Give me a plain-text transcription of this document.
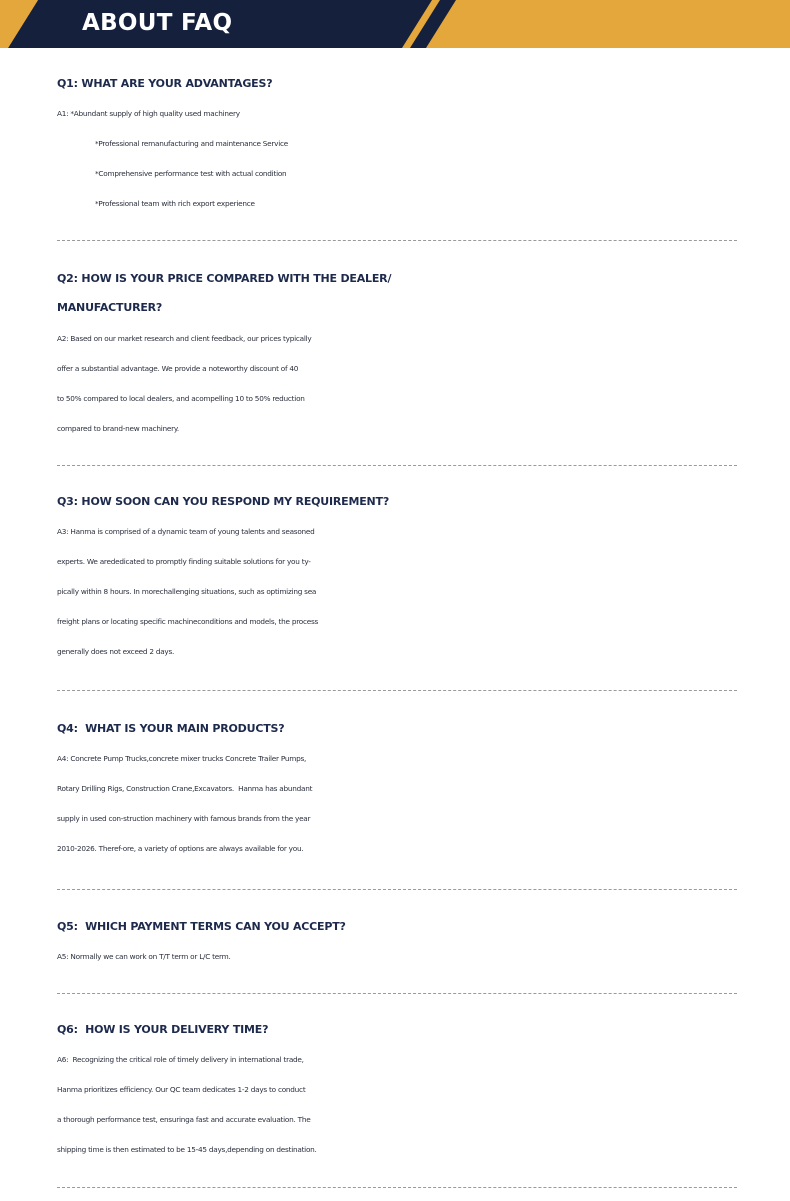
ABOUT FAQ
Q1: WHAT ARE YOUR ADVANTAGES?
A1: *Abundant supply of high quality used machinery
*Professional remanufacturing and maintenance Service
*Comprehensive performance test with actual condition
*Professional team with rich export experience
Q2: HOW IS YOUR PRICE COMPARED WITH THE DEALER/
MANUFACTURER?
A2: Based on our market research and client feedback, our prices typically
offer a substantial advantage. We provide a noteworthy discount of 40
to 50% compared to local dealers, and acompelling 10 to 50% reduction
compared to brand-new machinery.
Q3: HOW SOON CAN YOU RESPOND MY REQUIREMENT?
A3: Hanma is comprised of a dynamic team of young talents and seasoned
experts. We arededicated to promptly finding suitable solutions for you ty-
pically within 8 hours. In morechallenging situations, such as optimizing sea
freight plans or locating specific machineconditions and models, the process
generally does not exceed 2 days.
Q4:  WHAT IS YOUR MAIN PRODUCTS?
A4: Concrete Pump Trucks,concrete mixer trucks Concrete Trailer Pumps,
Rotary Drilling Rigs, Construction Crane,Excavators.  Hanma has abundant
supply in used con-struction machinery with famous brands from the year
2010-2026. Theref-ore, a variety of options are always available for you.
Q5:  WHICH PAYMENT TERMS CAN YOU ACCEPT?
A5: Normally we can work on T/T term or L/C term.
Q6:  HOW IS YOUR DELIVERY TIME?
A6:  Recognizing the critical role of timely delivery in international trade,
Hanma prioritizes efficiency. Our QC team dedicates 1-2 days to conduct
a thorough performance test, ensuringa fast and accurate evaluation. The
shipping time is then estimated to be 15-45 days,depending on destination.
